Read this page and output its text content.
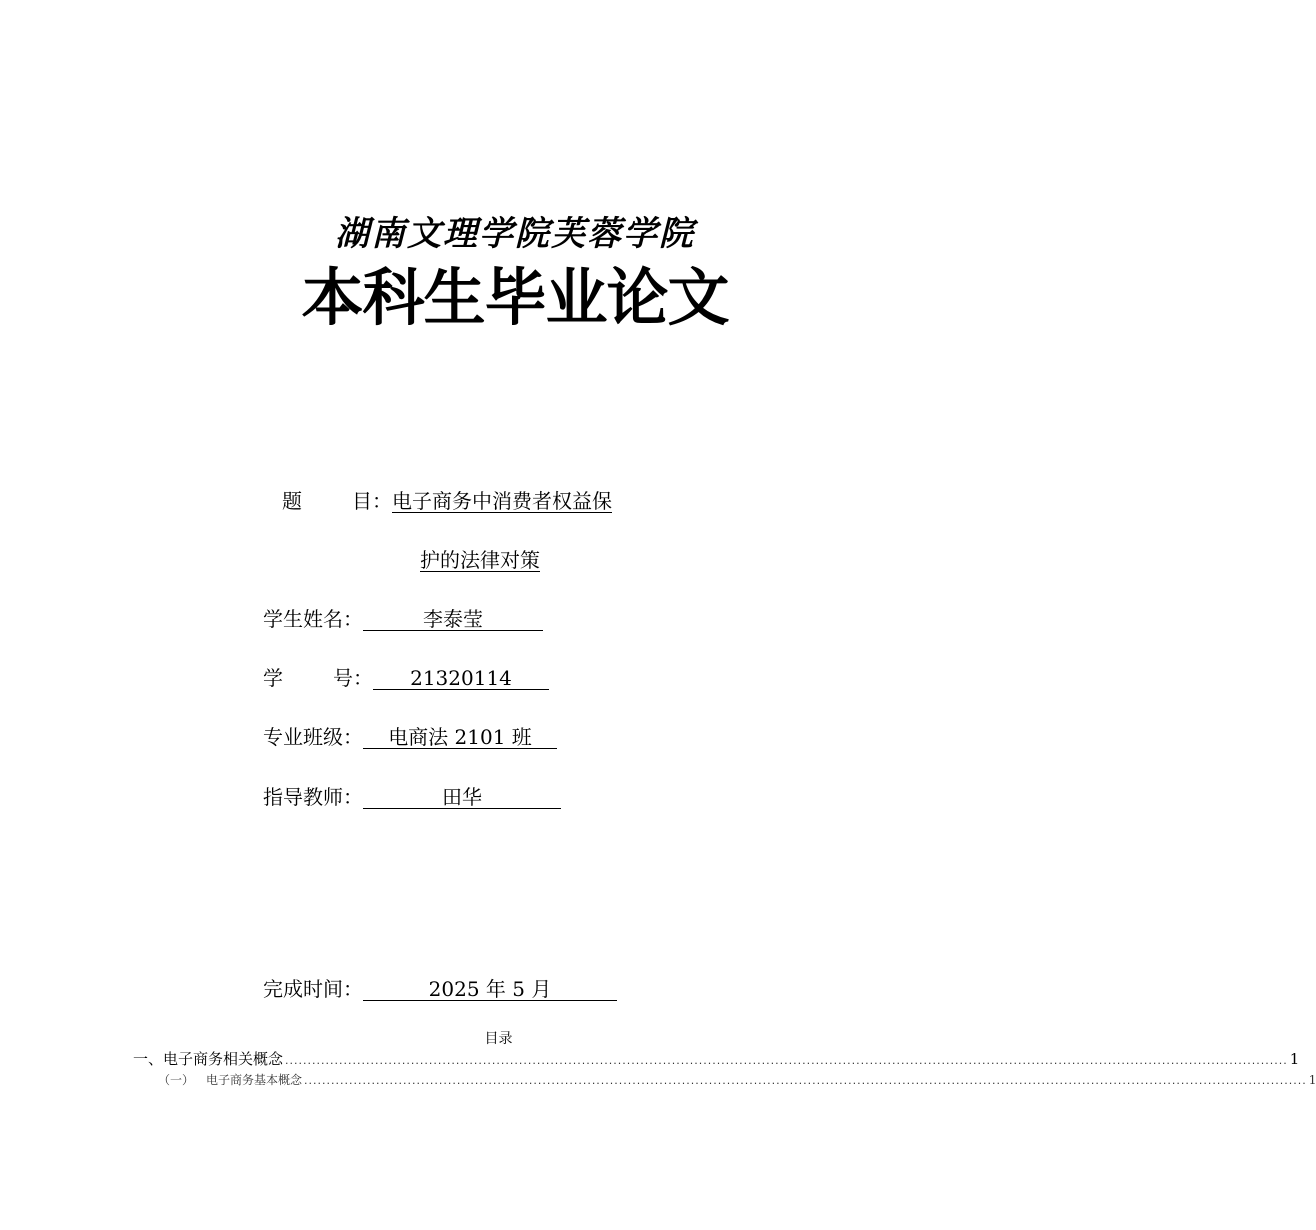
湖南文理学院芙蓉学院
本科生毕业论文
题	目：电子商务中消费者权益保
护的法律对策
学生姓名：	李泰莹
学	号： 21320114
专业班级： 电商法 2101 班
指导教师：	田华
完成时间：	2025 年 5 月
目录
一、电子商务相关概念 ............................................................................................................................................................................................................................... 1
（一） 电子商务基本概念 ............................................................................................................................................................................................................................... 1
